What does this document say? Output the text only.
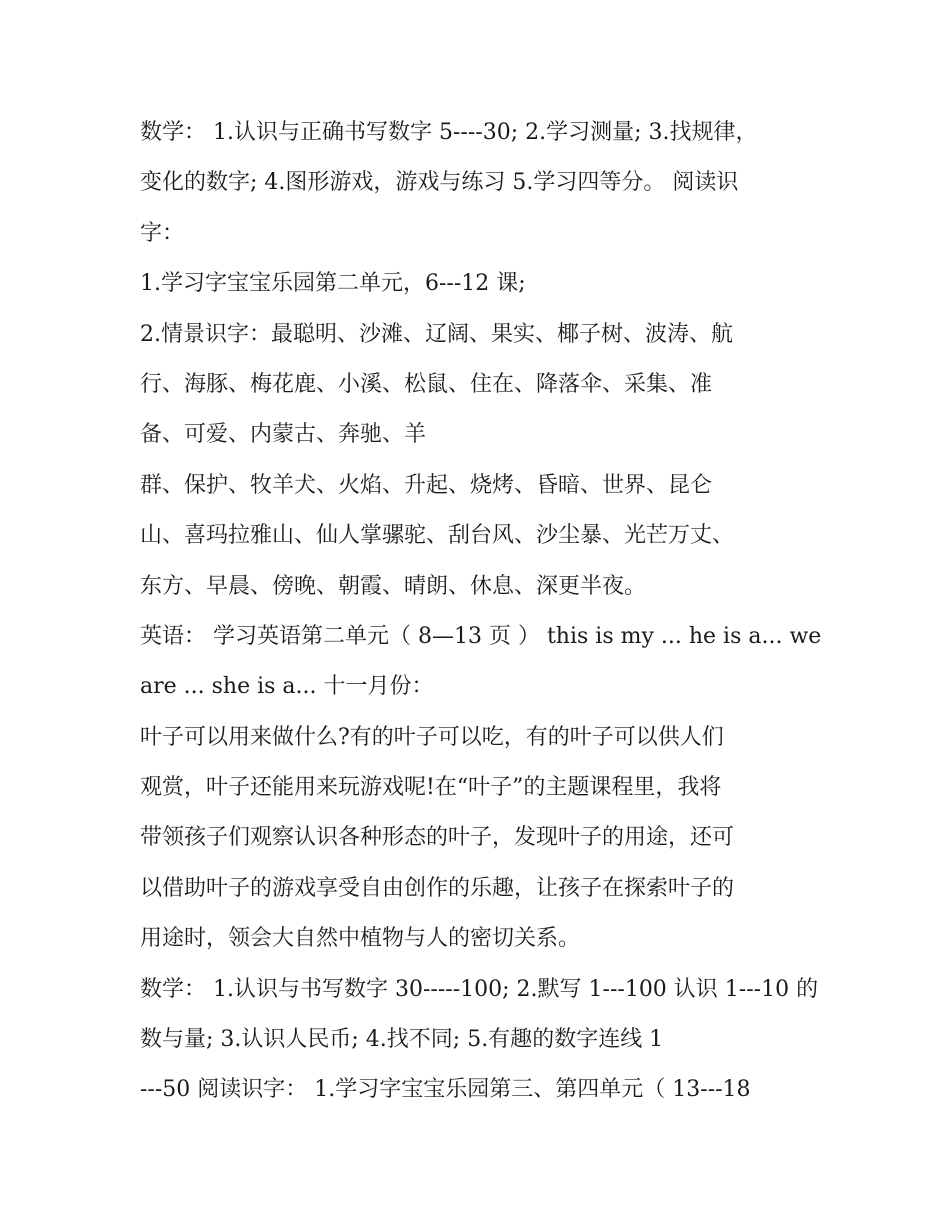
数学： 1.认识与正确书写数字 5----30; 2.学习测量; 3.找规律，
变化的数字; 4.图形游戏，游戏与练习 5.学习四等分。 阅读识
字：
1.学习字宝宝乐园第二单元，6---12 课;
2.情景识字：最聪明、沙滩、辽阔、果实、椰子树、波涛、航
行、海豚、梅花鹿、小溪、松鼠、住在、降落伞、采集、准
备、可爱、内蒙古、奔驰、羊
群、保护、牧羊犬、火焰、升起、烧烤、昏暗、世界、昆仑
山、喜玛拉雅山、仙人掌骡驼、刮台风、沙尘暴、光芒万丈、
东方、早晨、傍晚、朝霞、晴朗、休息、深更半夜。
英语： 学习英语第二单元（ 8—13 页 ） this is my ... he is a... we
are ... she is a... 十一月份：
叶子可以用来做什么?有的叶子可以吃，有的叶子可以供人们
观赏，叶子还能用来玩游戏呢!在“叶子”的主题课程里，我将
带领孩子们观察认识各种形态的叶子，发现叶子的用途，还可
以借助叶子的游戏享受自由创作的乐趣，让孩子在探索叶子的
用途时，领会大自然中植物与人的密切关系。
数学： 1.认识与书写数字 30-----100; 2.默写 1---100 认识 1---10 的
数与量; 3.认识人民币; 4.找不同; 5.有趣的数字连线 1
---50 阅读识字： 1.学习字宝宝乐园第三、第四单元（ 13---18
